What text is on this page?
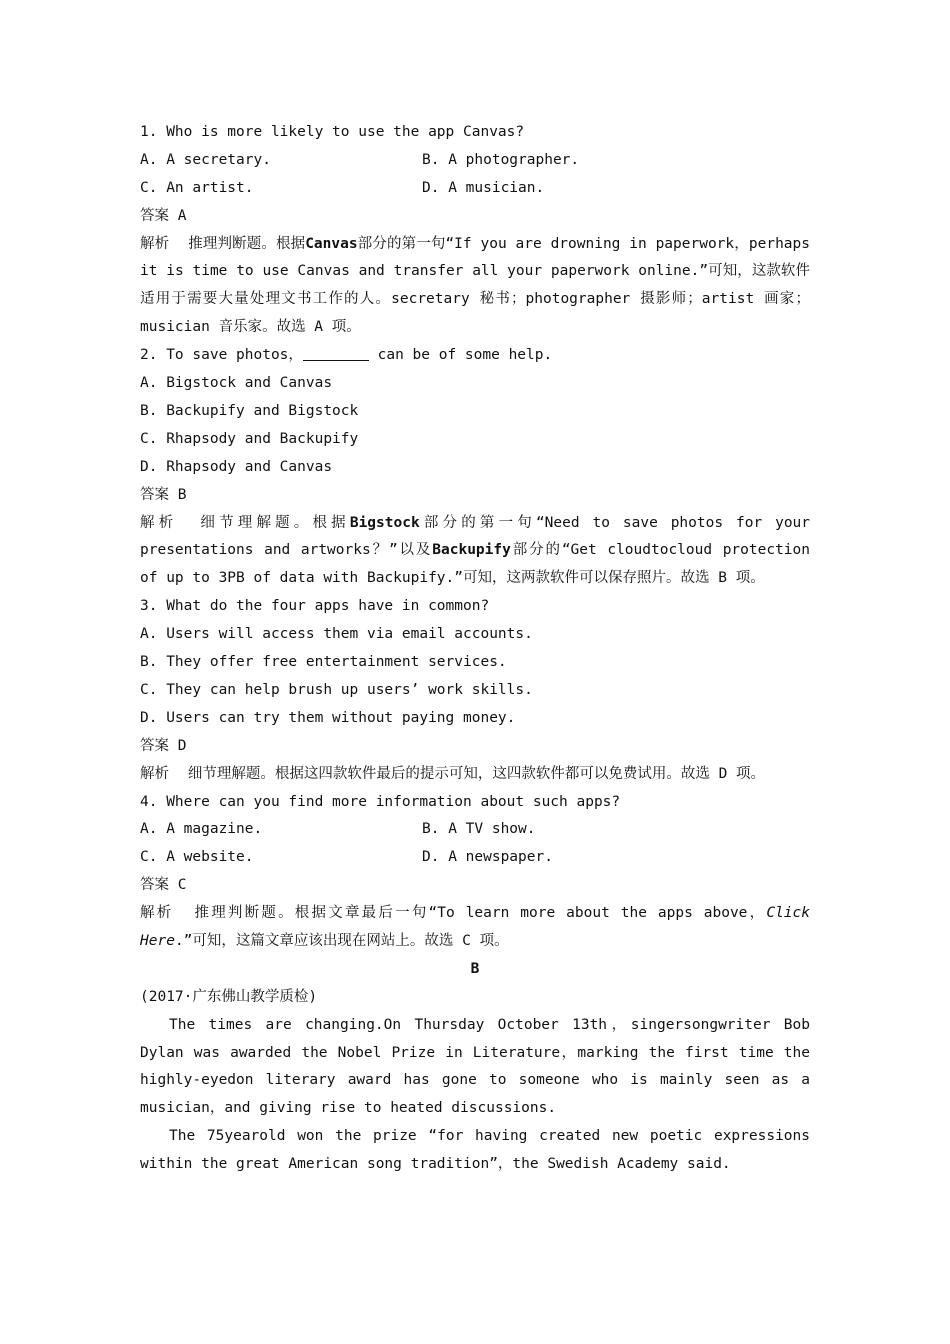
1. Who is more likely to use the app Canvas?
A. A secretary.	B. A photographer.
C. An artist.	D. A musician.
答案 A
解析 推理判断题。根据Canvas部分的第一句“If you are drowning in paperwork，perhaps it is time to use Canvas and transfer all your paperwork online.”可知，这款软件适用于需要大量处理文书工作的人。secretary 秘书；photographer 摄影师；artist 画家；musician 音乐家。故选 A 项。
2. To save photos，	can be of some help.
A. Bigstock and Canvas
B. Backupify and Bigstock
C. Rhapsody and Backupify
D. Rhapsody and Canvas
答案 B
解析 细节理解题。根据Bigstock部分的第一句“Need to save photos for your presentations and artworks？”以及Backupify部分的“Get cloudtocloud protection of up to 3PB of data with Backupify.”可知，这两款软件可以保存照片。故选 B 项。
3. What do the four apps have in common?
A. Users will access them via email accounts.
B. They offer free entertainment services.
C. They can help brush up users’ work skills.
D. Users can try them without paying money.
答案 D
解析 细节理解题。根据这四款软件最后的提示可知，这四款软件都可以免费试用。故选 D 项。
4. Where can you find more information about such apps?
A. A magazine.	B. A TV show.
C. A website.	D. A newspaper.
答案 C
解析 推理判断题。根据文章最后一句“To learn more about the apps above，Click Here.”可知，这篇文章应该出现在网站上。故选 C 项。
B
(2017·广东佛山教学质检)
The times are changing.On Thursday October 13th，singersongwriter Bob Dylan was awarded the Nobel Prize in Literature，marking the first time the highly-eyedon literary award has gone to someone who is mainly seen as a musician，and giving rise to heated discussions.
The 75yearold won the prize “for having created new poetic expressions within the great American song tradition”，the Swedish Academy said.
